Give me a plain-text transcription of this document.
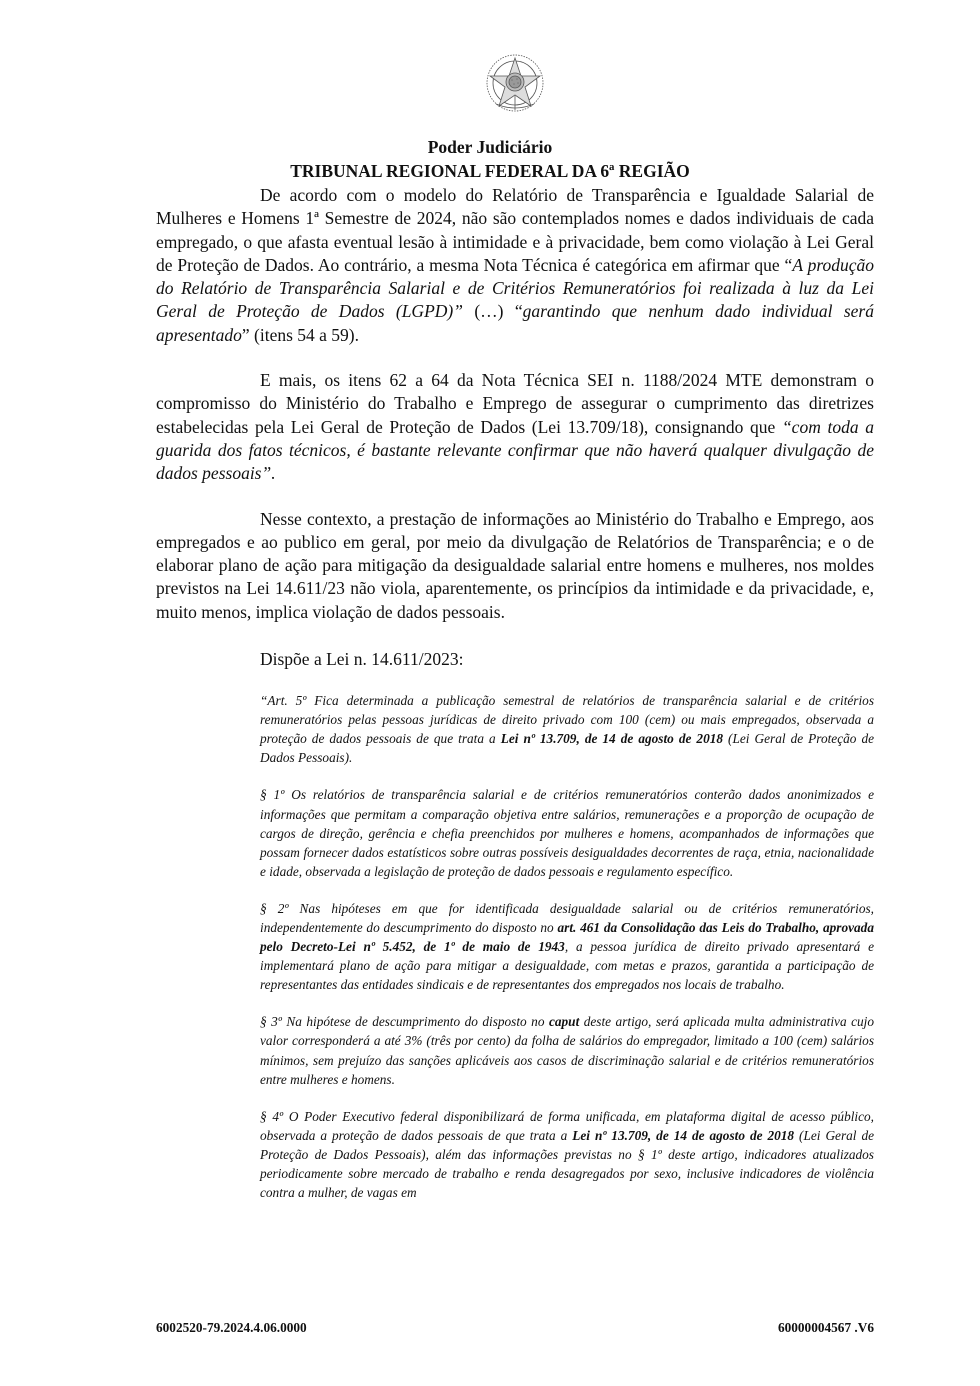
Poder Judiciário
TRIBUNAL REGIONAL FEDERAL DA 6ª REGIÃO

De acordo com o modelo do Relatório de Transparência e Igualdade Salarial de Mulheres e Homens 1ª Semestre de 2024, não são contemplados nomes e dados individuais de cada empregado, o que afasta eventual lesão à intimidade e à privacidade, bem como violação à Lei Geral de Proteção de Dados. Ao contrário, a mesma Nota Técnica é categórica em afirmar que “A produção do Relatório de Transparência Salarial e de Critérios Remuneratórios foi realizada à luz da Lei Geral de Proteção de Dados (LGPD)” (…) “garantindo que nenhum dado individual será apresentado” (itens 54 a 59).

E mais, os itens 62 a 64 da Nota Técnica SEI n. 1188/2024 MTE demonstram o compromisso do Ministério do Trabalho e Emprego de assegurar o cumprimento das diretrizes estabelecidas pela Lei Geral de Proteção de Dados (Lei 13.709/18), consignando que “com toda a guarida dos fatos técnicos, é bastante relevante confirmar que não haverá qualquer divulgação de dados pessoais”.

Nesse contexto, a prestação de informações ao Ministério do Trabalho e Emprego, aos empregados e ao publico em geral, por meio da divulgação de Relatórios de Transparência; e o de elaborar plano de ação para mitigação da desigualdade salarial entre homens e mulheres, nos moldes previstos na Lei 14.611/23 não viola, aparentemente, os princípios da intimidade e da privacidade, e, muito menos, implica violação de dados pessoais.

Dispõe a Lei n. 14.611/2023:

“Art. 5º Fica determinada a publicação semestral de relatórios de transparência salarial e de critérios remuneratórios pelas pessoas jurídicas de direito privado com 100 (cem) ou mais empregados, observada a proteção de dados pessoais de que trata a Lei nº 13.709, de 14 de agosto de 2018 (Lei Geral de Proteção de Dados Pessoais).

§ 1º Os relatórios de transparência salarial e de critérios remuneratórios conterão dados anonimizados e informações que permitam a comparação objetiva entre salários, remunerações e a proporção de ocupação de cargos de direção, gerência e chefia preenchidos por mulheres e homens, acompanhados de informações que possam fornecer dados estatísticos sobre outras possíveis desigualdades decorrentes de raça, etnia, nacionalidade e idade, observada a legislação de proteção de dados pessoais e regulamento específico.

§ 2º Nas hipóteses em que for identificada desigualdade salarial ou de critérios remuneratórios, independentemente do descumprimento do disposto no art. 461 da Consolidação das Leis do Trabalho, aprovada pelo Decreto-Lei nº 5.452, de 1º de maio de 1943, a pessoa jurídica de direito privado apresentará e implementará plano de ação para mitigar a desigualdade, com metas e prazos, garantida a participação de representantes das entidades sindicais e de representantes dos empregados nos locais de trabalho.

§ 3º Na hipótese de descumprimento do disposto no caput deste artigo, será aplicada multa administrativa cujo valor corresponderá a até 3% (três por cento) da folha de salários do empregador, limitado a 100 (cem) salários mínimos, sem prejuízo das sanções aplicáveis aos casos de discriminação salarial e de critérios remuneratórios entre mulheres e homens.

§ 4º O Poder Executivo federal disponibilizará de forma unificada, em plataforma digital de acesso público, observada a proteção de dados pessoais de que trata a Lei nº 13.709, de 14 de agosto de 2018 (Lei Geral de Proteção de Dados Pessoais), além das informações previstas no § 1º deste artigo, indicadores atualizados periodicamente sobre mercado de trabalho e renda desagregados por sexo, inclusive indicadores de violência contra a mulher, de vagas em

6002520-79.2024.4.06.0000	60000004567 .V6
